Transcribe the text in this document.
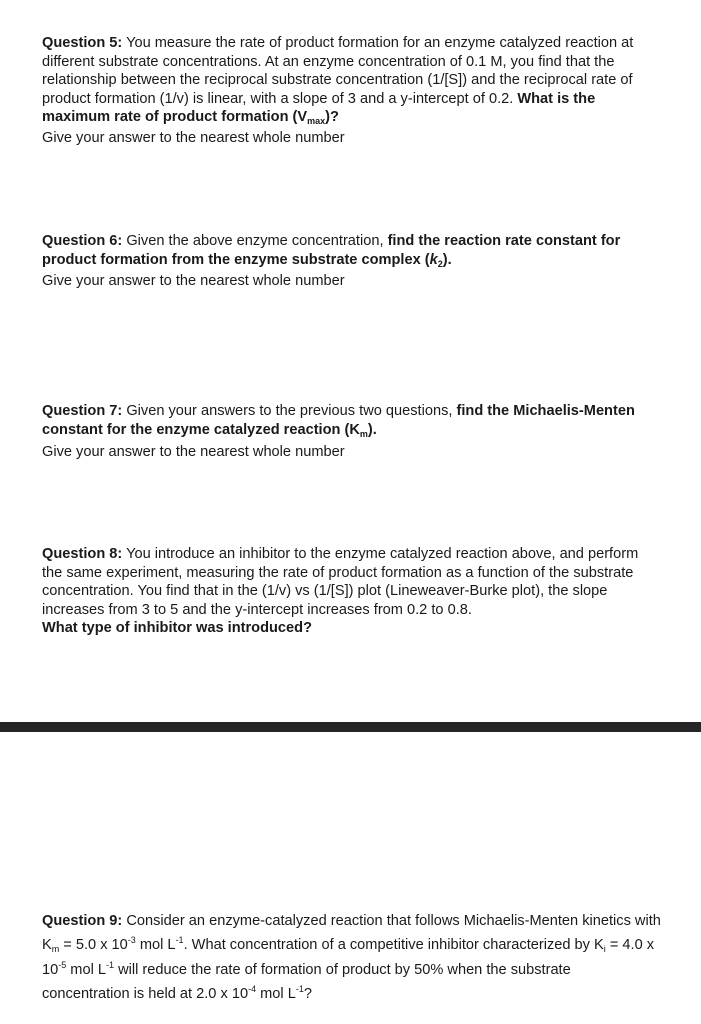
Question 5: You measure the rate of product formation for an enzyme catalyzed reaction at different substrate concentrations. At an enzyme concentration of 0.1 M, you find that the relationship between the reciprocal substrate concentration (1/[S]) and the reciprocal rate of product formation (1/v) is linear, with a slope of 3 and a y-intercept of 0.2. What is the maximum rate of product formation $(V_{max})$?
Give your answer to the nearest whole number
Question 6: Given the above enzyme concentration, find the reaction rate constant for product formation from the enzyme substrate complex $(k_2)$.
Give your answer to the nearest whole number
Question 7: Given your answers to the previous two questions, find the Michaelis-Menten constant for the enzyme catalyzed reaction $(K_m)$.
Give your answer to the nearest whole number
Question 8: You introduce an inhibitor to the enzyme catalyzed reaction above, and perform the same experiment, measuring the rate of product formation as a function of the substrate concentration. You find that in the (1/v) vs (1/[S]) plot (Lineweaver-Burke plot), the slope increases from 3 to 5 and the y-intercept increases from 0.2 to 0.8.
What type of inhibitor was introduced?
Question 9: Consider an enzyme-catalyzed reaction that follows Michaelis-Menten kinetics with $K_m = 5.0$ x $10^{-3}$ mol $L^{-1}$. What concentration of a competitive inhibitor characterized by $K_i = 4.0$ x $10^{-5}$ mol $L^{-1}$ will reduce the rate of formation of product by 50% when the substrate concentration is held at 2.0 x $10^{-4}$ mol $L^{-1}$?
